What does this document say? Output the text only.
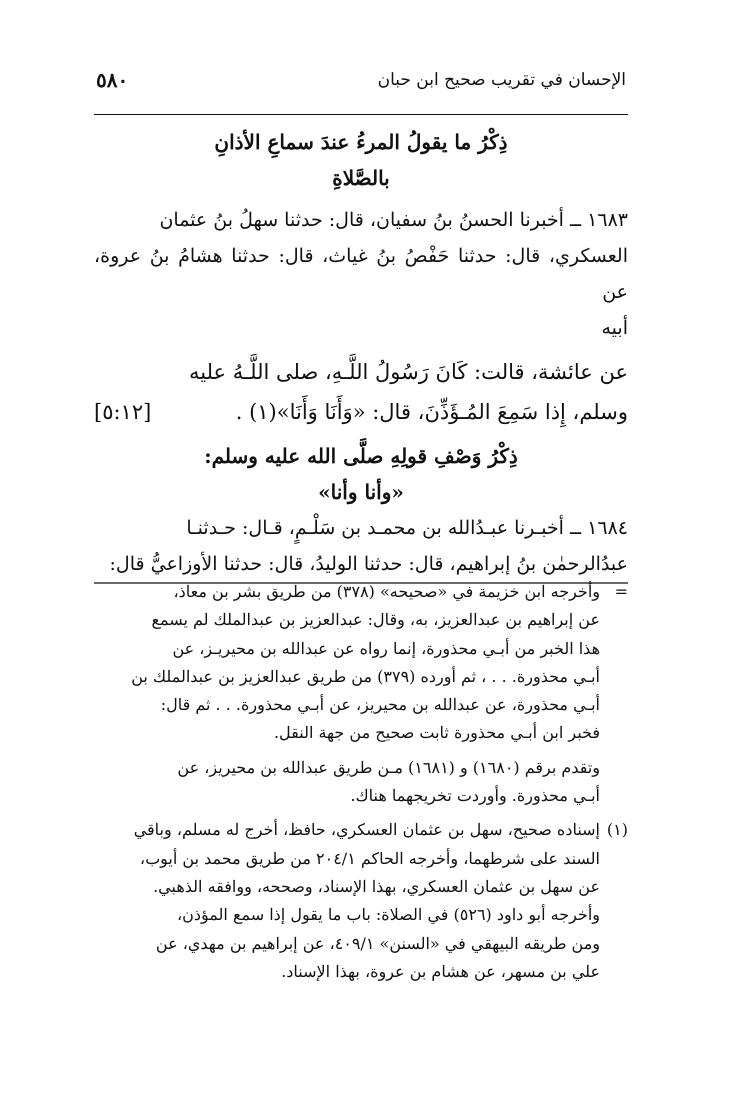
الإحسان في تقريب صحيح ابن حبان
٥٨٠
ذِكْرُ ما يقولُ المرءُ عندَ سماعِ الأذانِ
بالصَّلاةِ

١٦٨٣ ــ أخبرنا الحسنُ بنُ سفيان، قال: حدثنا سهلُ بنُ عثمان

العسكري، قال: حدثنا حَفْصُ بنُ غياث، قال: حدثنا هشامُ بنُ عروة، عن

أبيه

عن عائشة، قالت: كَانَ رَسُولُ اللَّـهِ، صلى اللَّـهُ عليه

[٥:١٢]	وسلم، إِذا سَمِعَ المُـؤَذِّنَ، قال: «وَأَنَا وَأَنَا»(١) .

ذِكْرُ وَصْفِ قولِهِ صلَّى الله عليه وسلم:
«وأنا وأنا»

١٦٨٤ ــ أخبـرنا عبـدُالله بن محمـد بن سَلْـمٍ، قـال: حـدثنـا

عبدُالرحمٰن بنُ إبراهيم، قال: حدثنا الوليدُ، قال: حدثنا الأوزاعيُّ قال:

=

وأخرجه ابن خزيمة في «صحيحه» (٣٧٨) من طريق بشر بن معاذ،

عن إبراهيم بن عبدالعزيز، به، وقال: عبدالعزيز بن عبدالملك لم يسمع

هذا الخبر من أبـي محذورة، إنما رواه عن عبدالله بن محيريـز، عن

أبـي محذورة. . . ، ثم أورده (٣٧٩) من طريق عبدالعزيز بن عبدالملك بن

أبـي محذورة، عن عبدالله بن محيريز، عن أبـي محذورة. . . ثم قال:

فخبر ابن أبـي محذورة ثابت صحيح من جهة النقل.

وتقدم برقم (١٦٨٠) و (١٦٨١) مـن طريق عبدالله بن محيريز، عن

أبـي محذورة. وأوردت تخريجهما هناك.

(١)

إسناده صحيح، سهل بن عثمان العسكري، حافظ، أخرج له مسلم، وباقي

السند على شرطهما، وأخرجه الحاكم ٢٠٤/١ من طريق محمد بن أيوب،

عن سهل بن عثمان العسكري، بهذا الإسناد، وصححه، ووافقه الذهبي.

وأخرجه أبو داود (٥٢٦) في الصلاة: باب ما يقول إذا سمع المؤذن،

ومن طريقه البيهقي في «السنن» ٤٠٩/١، عن إبراهيم بن مهدي، عن

علي بن مسهر، عن هشام بن عروة، بهذا الإسناد.
